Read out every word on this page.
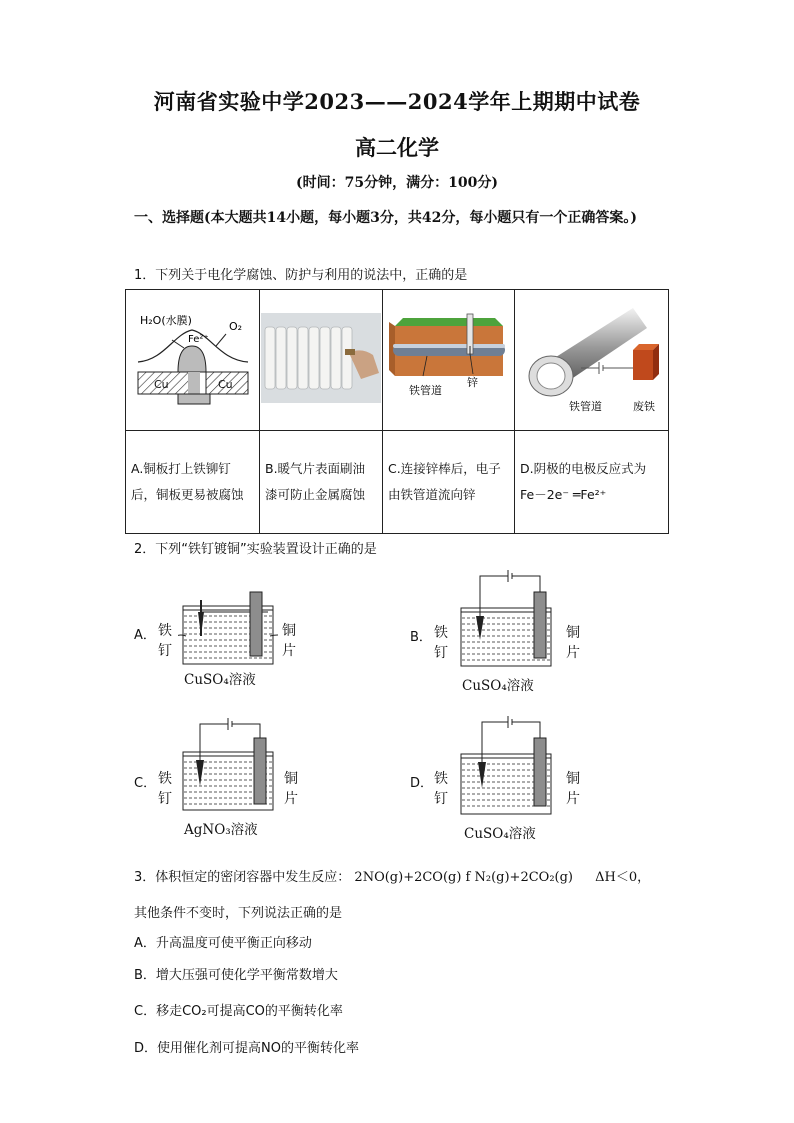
河南省实验中学2023——2024学年上期期中试卷
高二化学
(时间：75分钟，满分：100分)
一、选择题(本大题共14小题，每小题3分，共42分，每小题只有一个正确答案。)
1．下列关于电化学腐蚀、防护与利用的说法中，正确的是
H₂O(水膜) O₂
Fe²⁺
Cu Cu		铁管道
锌	铁管道 废铁

A.铜板打上铁铆钉后，铜板更易被腐蚀	B.暖气片表面刷油漆可防止金属腐蚀	C.连接锌棒后，电子由铁管道流向锌	D.阴极的电极反应式为 Fe－2e⁻ ═Fe²⁺
2．下列“铁钉镀铜”实验装置设计正确的是
A． 铁
钉
铜
片
CuSO₄溶液
B． 铁
钉
铜
片
CuSO₄溶液
C． 铁
钉
铜
片
AgNO₃溶液
D． 铁
钉
铜
片
CuSO₄溶液
3．体积恒定的密闭容器中发生反应： 2NO(g)+2CO(g) f N₂(g)+2CO₂(g) ΔH＜0，
其他条件不变时，下列说法正确的是
A．升高温度可使平衡正向移动
B．增大压强可使化学平衡常数增大
C．移走CO₂可提高CO的平衡转化率
D．使用催化剂可提高NO的平衡转化率
